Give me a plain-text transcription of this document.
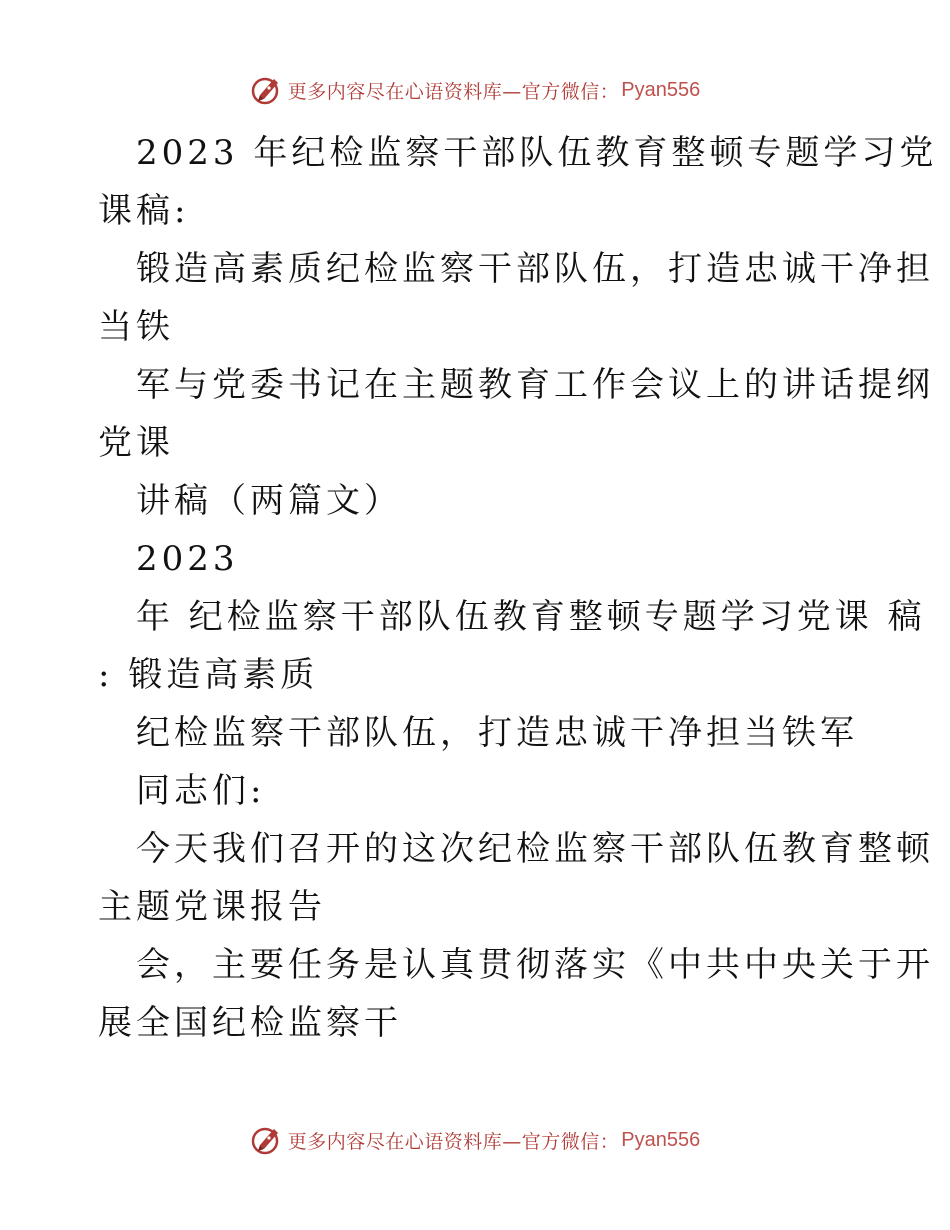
更多内容尽在心语资料库—官方微信： Pyan556
2023 年纪检监察干部队伍教育整顿专题学习党
课稿:
锻造高素质纪检监察干部队伍，打造忠诚干净担
当铁
军与党委书记在主题教育工作会议上的讲话提纲
党课
讲稿（两篇文）
2023
年 纪检监察干部队伍教育整顿专题学习党课 稿
: 锻造高素质
纪检监察干部队伍，打造忠诚干净担当铁军
同志们:
今天我们召开的这次纪检监察干部队伍教育整顿
主题党课报告
会，主要任务是认真贯彻落实《中共中央关于开
展全国纪检监察干
更多内容尽在心语资料库—官方微信： Pyan556
